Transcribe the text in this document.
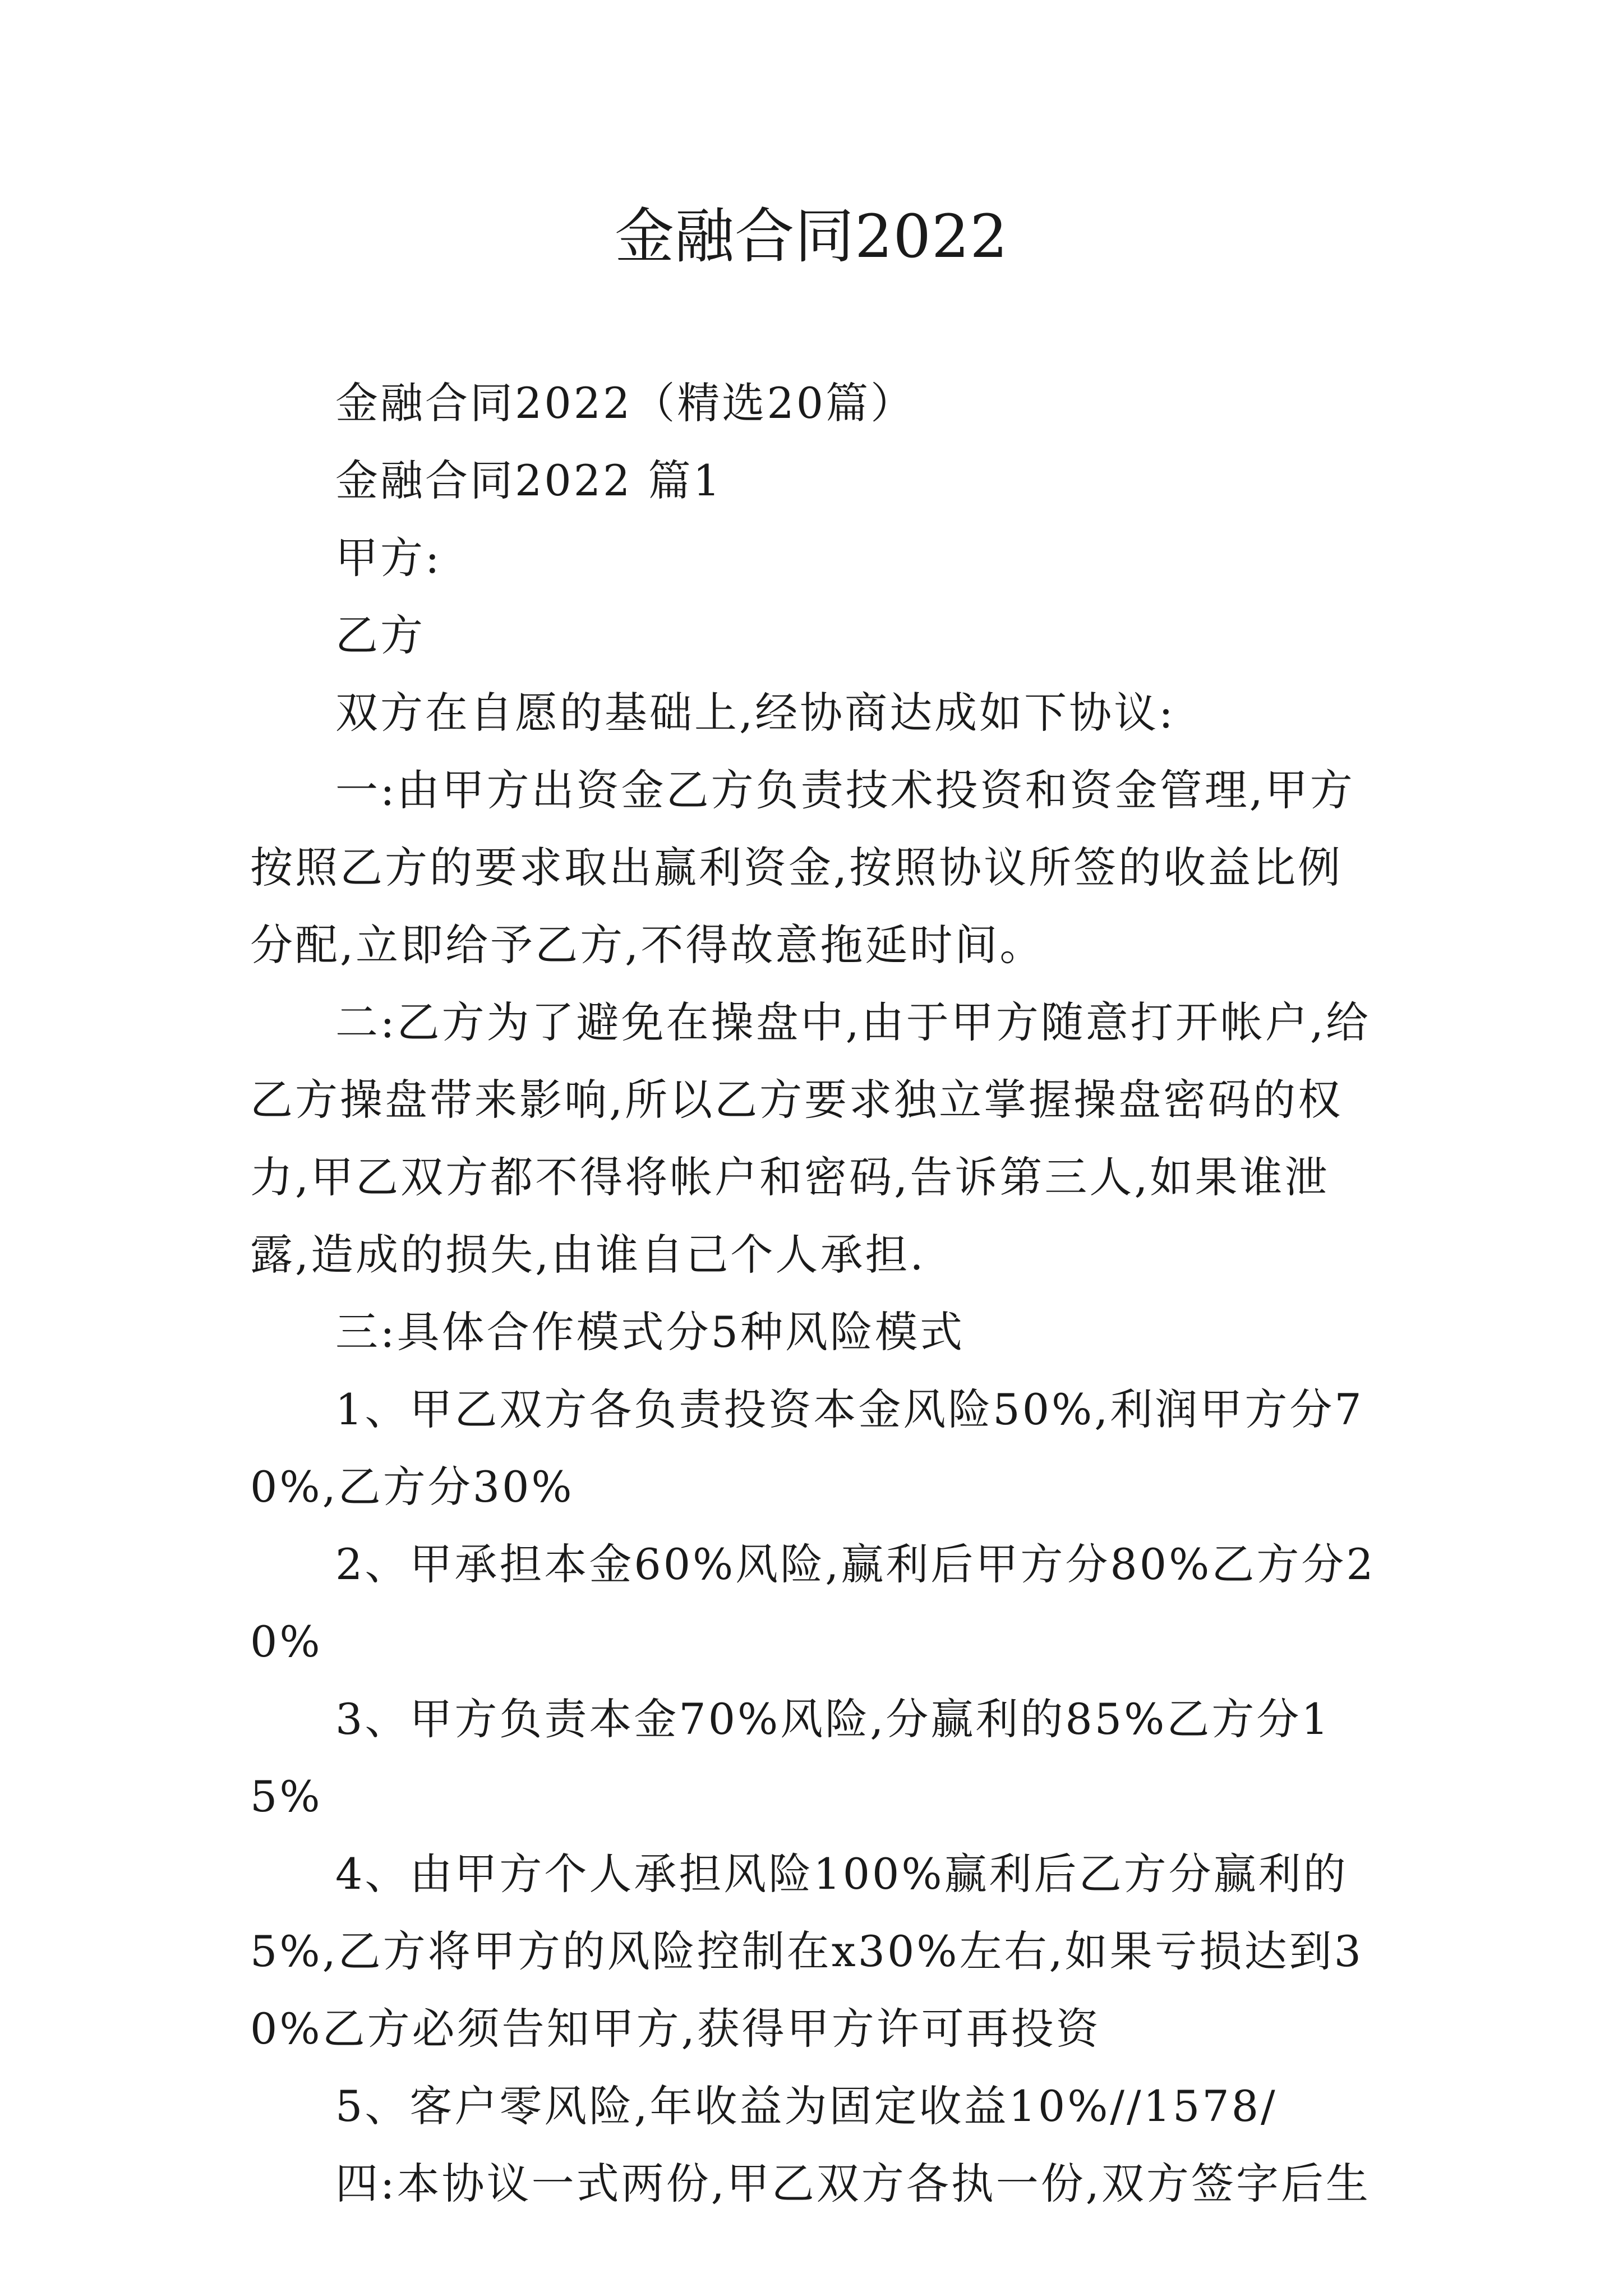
金融合同2022

金融合同2022（精选20篇）

金融合同2022 篇1

甲方:

乙方

双方在自愿的基础上,经协商达成如下协议:

一:由甲方出资金乙方负责技术投资和资金管理,甲方按照乙方的要求取出赢利资金,按照协议所签的收益比例分配,立即给予乙方,不得故意拖延时间。

二:乙方为了避免在操盘中,由于甲方随意打开帐户,给乙方操盘带来影响,所以乙方要求独立掌握操盘密码的权力,甲乙双方都不得将帐户和密码,告诉第三人,如果谁泄露,造成的损失,由谁自己个人承担.

三:具体合作模式分5种风险模式

1、甲乙双方各负责投资本金风险50%,利润甲方分70%,乙方分30%

2、甲承担本金60%风险,赢利后甲方分80%乙方分20%

3、甲方负责本金70%风险,分赢利的85%乙方分15%

4、由甲方个人承担风险100%赢利后乙方分赢利的5%,乙方将甲方的风险控制在x30%左右,如果亏损达到30%乙方必须告知甲方,获得甲方许可再投资

5、客户零风险,年收益为固定收益10%//1578/

四:本协议一式两份,甲乙双方各执一份,双方签字后生
